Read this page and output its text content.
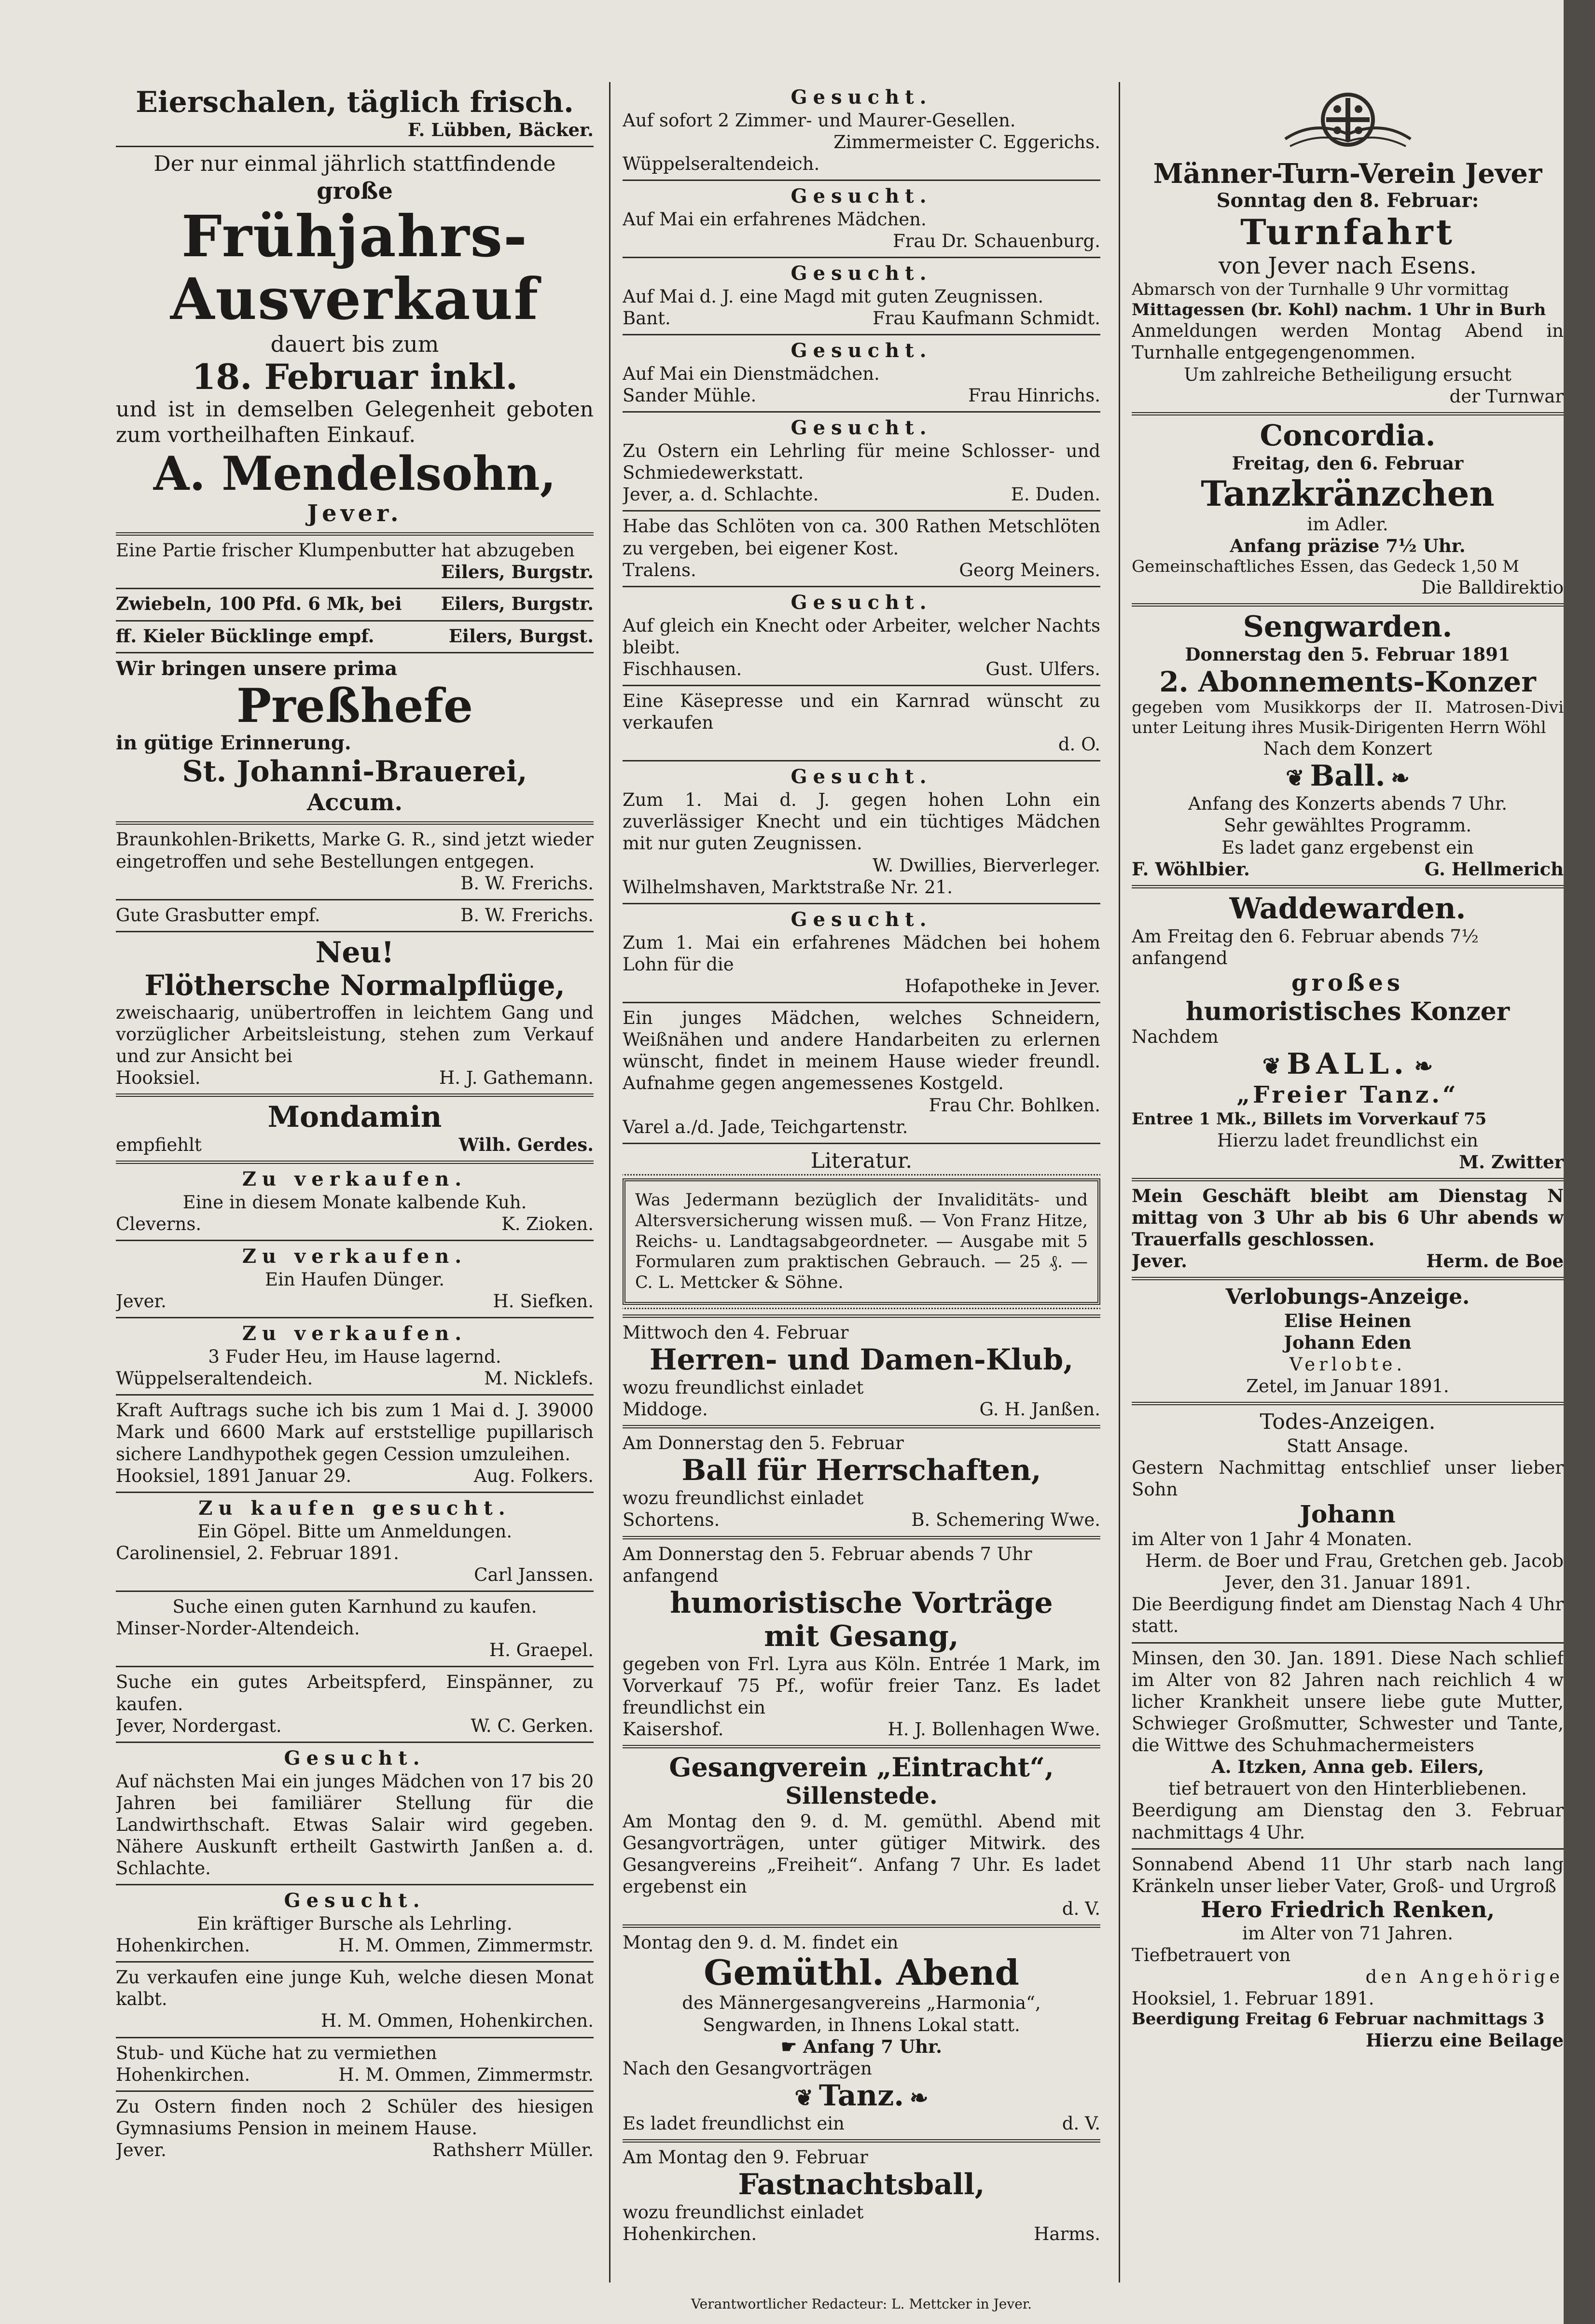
Eierschalen, täglich frisch.
F. Lübben, Bäcker.
Der nur einmal jährlich stattfindende
große
Frühjahrs-
Ausverkauf
dauert bis zum
18. Februar inkl.
und ist in demselben Gelegenheit geboten zum vortheilhaften Einkauf.
A. Mendelsohn,
Jever.
Eine Partie frischer Klumpenbutter hat abzugeben
Eilers, Burgstr.
Zwiebeln, 100 Pfd. 6 Mk, bei Eilers, Burgstr.
ff. Kieler Bücklinge empf.	Eilers, Burgst.
Wir bringen unsere prima
Preßhefe
in gütige Erinnerung.
St. Johanni-Brauerei,
Accum.
Braunkohlen-Briketts, Marke G. R., sind jetzt wieder eingetroffen und sehe Bestellungen entgegen.
B. W. Frerichs.
Gute Grasbutter empf.	B. W. Frerichs.
Neu!
Flöthersche Normalpflüge,
zweischaarig, unübertroffen in leichtem Gang und vorzüglicher Arbeitsleistung, stehen zum Verkauf und zur Ansicht bei
Hooksiel.	H. J. Gathemann.
Mondamin
empfiehlt	Wilh. Gerdes.
Zu verkaufen.
Eine in diesem Monate kalbende Kuh.
Cleverns.	K. Zioken.
Zu verkaufen.
Ein Haufen Dünger.
Jever.	H. Siefken.
Zu verkaufen.
3 Fuder Heu, im Hause lagernd.
Wüppelseraltendeich.	M. Nicklefs.
Kraft Auftrags suche ich bis zum 1 Mai d. J. 39000 Mark und 6600 Mark auf erststellige pupillarisch sichere Landhypothek gegen Cession umzuleihen.
Hooksiel, 1891 Januar 29.	Aug. Folkers.
Zu kaufen gesucht.
Ein Göpel. Bitte um Anmeldungen.
Carolinensiel, 2. Februar 1891.
Carl Janssen.
Suche einen guten Karnhund zu kaufen.
Minser-Norder-Altendeich.
H. Graepel.
Suche ein gutes Arbeitspferd, Einspänner, zu kaufen.
Jever, Nordergast.	W. C. Gerken.
Gesucht.
Auf nächsten Mai ein junges Mädchen von 17 bis 20 Jahren bei familiärer Stellung für die Landwirthschaft. Etwas Salair wird gegeben. Nähere Auskunft ertheilt Gastwirth Janßen a. d. Schlachte.
Gesucht.
Ein kräftiger Bursche als Lehrling.
Hohenkirchen.	H. M. Ommen, Zimmermstr.
Zu verkaufen eine junge Kuh, welche diesen Monat kalbt.
H. M. Ommen, Hohenkirchen.
Stub- und Küche hat zu vermiethen
Hohenkirchen.	H. M. Ommen, Zimmermstr.
Zu Ostern finden noch 2 Schüler des hiesigen Gymnasiums Pension in meinem Hause.
Jever.	Rathsherr Müller.
Gesucht.
Auf sofort 2 Zimmer- und Maurer-Gesellen.
Zimmermeister C. Eggerichs.
Wüppelseraltendeich.
Gesucht.
Auf Mai ein erfahrenes Mädchen.
Frau Dr. Schauenburg.
Gesucht.
Auf Mai d. J. eine Magd mit guten Zeugnissen.
Bant.	Frau Kaufmann Schmidt.
Gesucht.
Auf Mai ein Dienstmädchen.
Sander Mühle.	Frau Hinrichs.
Gesucht.
Zu Ostern ein Lehrling für meine Schlosser- und Schmiedewerkstatt.
Jever, a. d. Schlachte.	E. Duden.
Habe das Schlöten von ca. 300 Rathen Metschlöten zu vergeben, bei eigener Kost.
Tralens.	Georg Meiners.
Gesucht.
Auf gleich ein Knecht oder Arbeiter, welcher Nachts bleibt.
Fischhausen.	Gust. Ulfers.
Eine Käsepresse und ein Karnrad wünscht zu verkaufen
d. O.
Gesucht.
Zum 1. Mai d. J. gegen hohen Lohn ein zuverlässiger Knecht und ein tüchtiges Mädchen mit nur guten Zeugnissen.
W. Dwillies, Bierverleger.
Wilhelmshaven, Marktstraße Nr. 21.
Gesucht.
Zum 1. Mai ein erfahrenes Mädchen bei hohem Lohn für die
Hofapotheke in Jever.
Ein junges Mädchen, welches Schneidern, Weißnähen und andere Handarbeiten zu erlernen wünscht, findet in meinem Hause wieder freundl. Aufnahme gegen angemessenes Kostgeld.
Frau Chr. Bohlken.
Varel a./d. Jade, Teichgartenstr.
Literatur.
Was Jedermann bezüglich der Invaliditäts- und Altersversicherung wissen muß. — Von Franz Hitze, Reichs- u. Landtagsabgeordneter. — Ausgabe mit 5 Formularen zum praktischen Gebrauch. — 25 ₰. — C. L. Mettcker & Söhne.
Mittwoch den 4. Februar
Herren- und Damen-Klub,
wozu freundlichst einladet
Middoge.	G. H. Janßen.
Am Donnerstag den 5. Februar
Ball für Herrschaften,
wozu freundlichst einladet
Schortens.	B. Schemering Wwe.
Am Donnerstag den 5. Februar abends 7 Uhr anfangend
humoristische Vorträge
mit Gesang,
gegeben von Frl. Lyra aus Köln. Entrée 1 Mark, im Vorverkauf 75 Pf., wofür freier Tanz. Es ladet freundlichst ein
Kaisershof.	H. J. Bollenhagen Wwe.
Gesangverein „Eintracht“,
Sillenstede.
Am Montag den 9. d. M. gemüthl. Abend mit Gesangvorträgen, unter gütiger Mitwirk. des Gesangvereins „Freiheit“. Anfang 7 Uhr. Es ladet ergebenst ein
d. V.
Montag den 9. d. M. findet ein
Gemüthl. Abend
des Männergesangvereins „Harmonia“, Sengwarden, in Ihnens Lokal statt.
☛ Anfang 7 Uhr.
Nach den Gesangvorträgen
❦ Tanz. ❧
Es ladet freundlichst ein	d. V.
Am Montag den 9. Februar
Fastnachtsball,
wozu freundlichst einladet
Hohenkirchen.	Harms.
Männer-Turn-Verein Jever
Sonntag den 8. Februar:
Turnfahrt
von Jever nach Esens.
Abmarsch von der Turnhalle 9 Uhr vormittag
Mittagessen (br. Kohl) nachm. 1 Uhr in Burh
Anmeldungen werden Montag Abend in Turnhalle entgegengenommen.
Um zahlreiche Betheiligung ersucht
der Turnwar
Concordia.
Freitag, den 6. Februar
Tanzkränzchen
im Adler.
Anfang präzise 7½ Uhr.
Gemeinschaftliches Essen, das Gedeck 1,50 M
Die Balldirektio
Sengwarden.
Donnerstag den 5. Februar 1891
2. Abonnements-Konzer
gegeben vom Musikkorps der II. Matrosen-Divi unter Leitung ihres Musik-Dirigenten Herrn Wöhl
Nach dem Konzert
❦ Ball. ❧
Anfang des Konzerts abends 7 Uhr.
Sehr gewähltes Programm.
Es ladet ganz ergebenst ein
F. Wöhlbier.	G. Hellmerich
Waddewarden.
Am Freitag den 6. Februar abends 7½ anfangend
großes
humoristisches Konzer
Nachdem
❦ BALL. ❧
„Freier Tanz.“
Entree 1 Mk., Billets im Vorverkauf 75
Hierzu ladet freundlichst ein
M. Zwitter
Mein Geschäft bleibt am Dienstag N mittag von 3 Uhr ab bis 6 Uhr abends w Trauerfalls geschlossen.
Jever.	Herm. de Boe
Verlobungs-Anzeige.
Elise Heinen
Johann Eden
Verlobte.
Zetel, im Januar 1891.
Todes-Anzeigen.
Statt Ansage.
Gestern Nachmittag entschlief unser lieber Sohn
Johann
im Alter von 1 Jahr 4 Monaten.
Herm. de Boer und Frau, Gretchen geb. Jacob
Jever, den 31. Januar 1891.
Die Beerdigung findet am Dienstag Nach 4 Uhr statt.
Minsen, den 30. Jan. 1891. Diese Nach schlief im Alter von 82 Jahren nach reichlich 4 w licher Krankheit unsere liebe gute Mutter, Schwieger Großmutter, Schwester und Tante, die Wittwe des Schuhmachermeisters
A. Itzken, Anna geb. Eilers,
tief betrauert von den Hinterbliebenen.
Beerdigung am Dienstag den 3. Februar nachmittags 4 Uhr.
Sonnabend Abend 11 Uhr starb nach lang Kränkeln unser lieber Vater, Groß- und Urgroß
Hero Friedrich Renken,
im Alter von 71 Jahren.
Tiefbetrauert von
den Angehörige
Hooksiel, 1. Februar 1891.
Beerdigung Freitag 6 Februar nachmittags 3
Hierzu eine Beilage
Verantwortlicher Redacteur: L. Mettcker in Jever.
